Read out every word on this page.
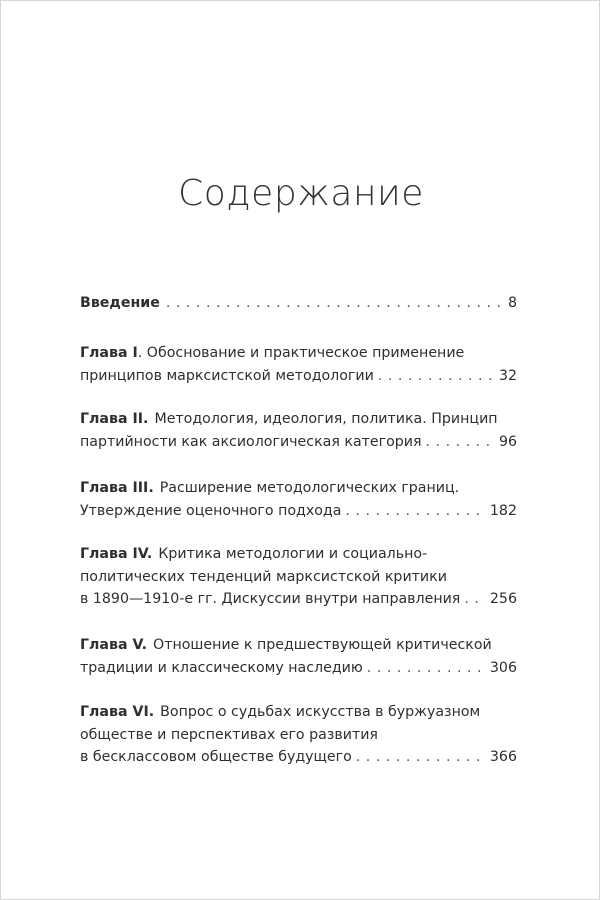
Содержание
Введение . . .	8
Глава I . Обоснование и практическое применение
принципов марксистской методологии . . .	32
Глава II. Методология, идеология, политика. Принцип
партийности как аксиологическая категория . . .	96
Глава III. Расширение методологических границ.
Утверждение оценочного подхода . . .	182
Глава IV. Критика методологии и социально-
политических тенденций марксистской критики
в 1890—1910-е гг. Дискуссии внутри направления . . . 256
Глава V. Отношение к предшествующей критической
традиции и классическому наследию . . .	306
Глава VI. Вопрос о судьбах искусства в буржуазном
обществе и перспективах его развития
в бесклассовом обществе будущего . . .	366
